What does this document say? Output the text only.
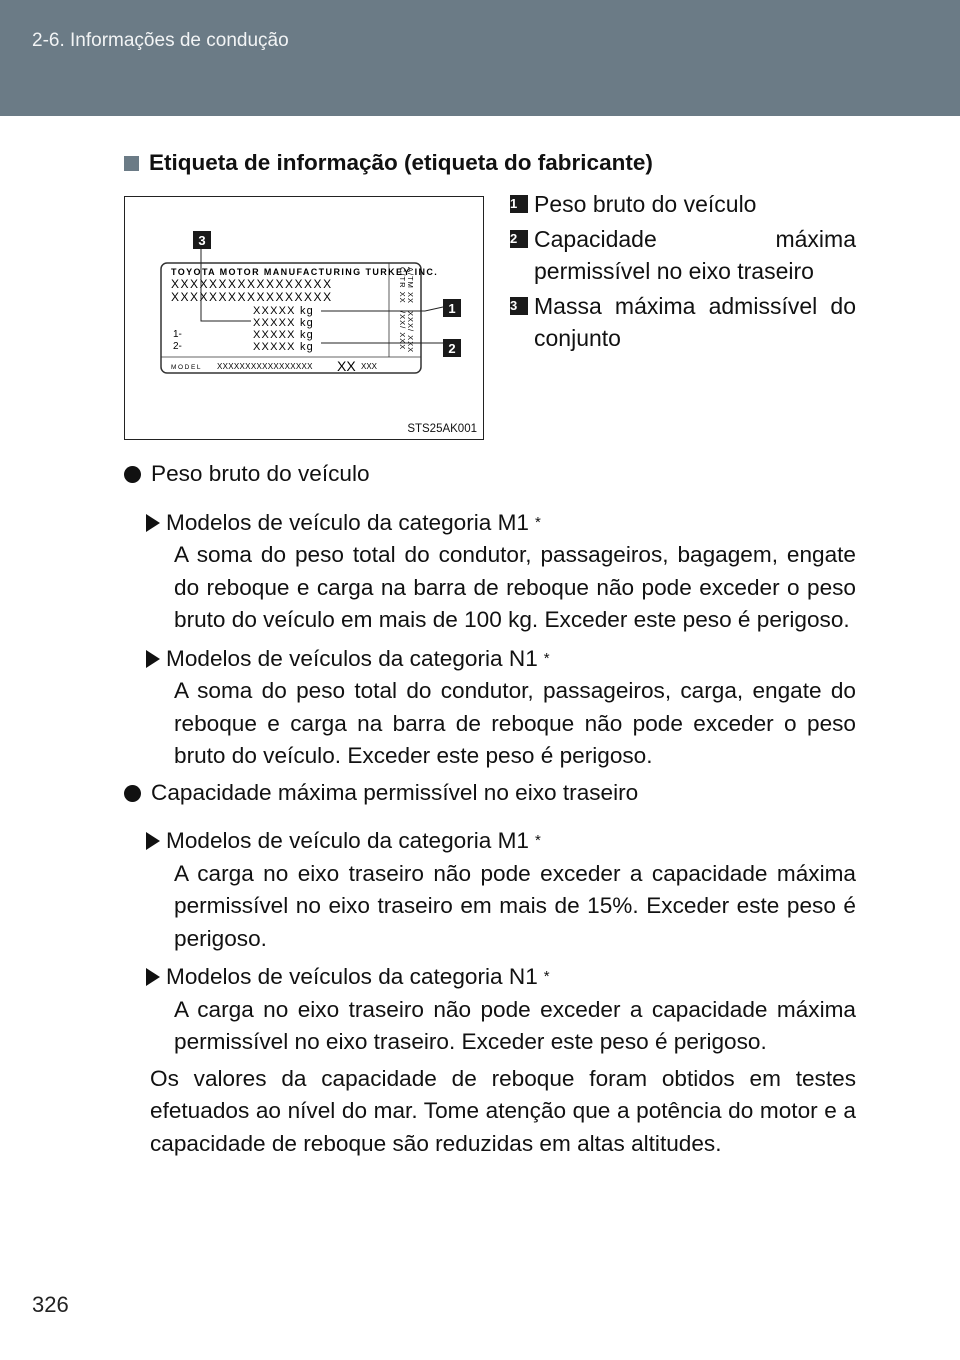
2-6. Informações de condução
Etiqueta de informação (etiqueta do fabricante)
TOYOTA MOTOR MANUFACTURING TURKEY INC.
XXXXXXXXXXXXXXXXX
XXXXXXXXXXXXXXXXX
XXXXX kg
XXXXX kg
XXXXX kg
XXXXX kg
1-
2-
MODEL XXXXXXXXXXXXXXXXX XX XXX
C/TR XX A/TM XX
/XX/ XXX XXX/ XXX
3
1
2
STS25AK001
1 Peso bruto do veículo
2 Capacidade máxima permissível no eixo traseiro
3 Massa máxima admissível do conjunto
Peso bruto do veículo
Modelos de veículo da categoria M1 *
A soma do peso total do condutor, passageiros, bagagem, engate do reboque e carga na barra de reboque não pode exceder o peso bruto do veículo em mais de 100 kg. Exceder este peso é perigoso.
Modelos de veículos da categoria N1 *
A soma do peso total do condutor, passageiros, carga, engate do reboque e carga na barra de reboque não pode exceder o peso bruto do veículo. Exceder este peso é perigoso.
Capacidade máxima permissível no eixo traseiro
Modelos de veículo da categoria M1 *
A carga no eixo traseiro não pode exceder a capacidade máxima permissível no eixo traseiro em mais de 15%. Exceder este peso é perigoso.
Modelos de veículos da categoria N1 *
A carga no eixo traseiro não pode exceder a capacidade máxima permissível no eixo traseiro. Exceder este peso é perigoso.
Os valores da capacidade de reboque foram obtidos em testes efetuados ao nível do mar. Tome atenção que a potência do motor e a capacidade de reboque são reduzidas em altas altitudes.
326
